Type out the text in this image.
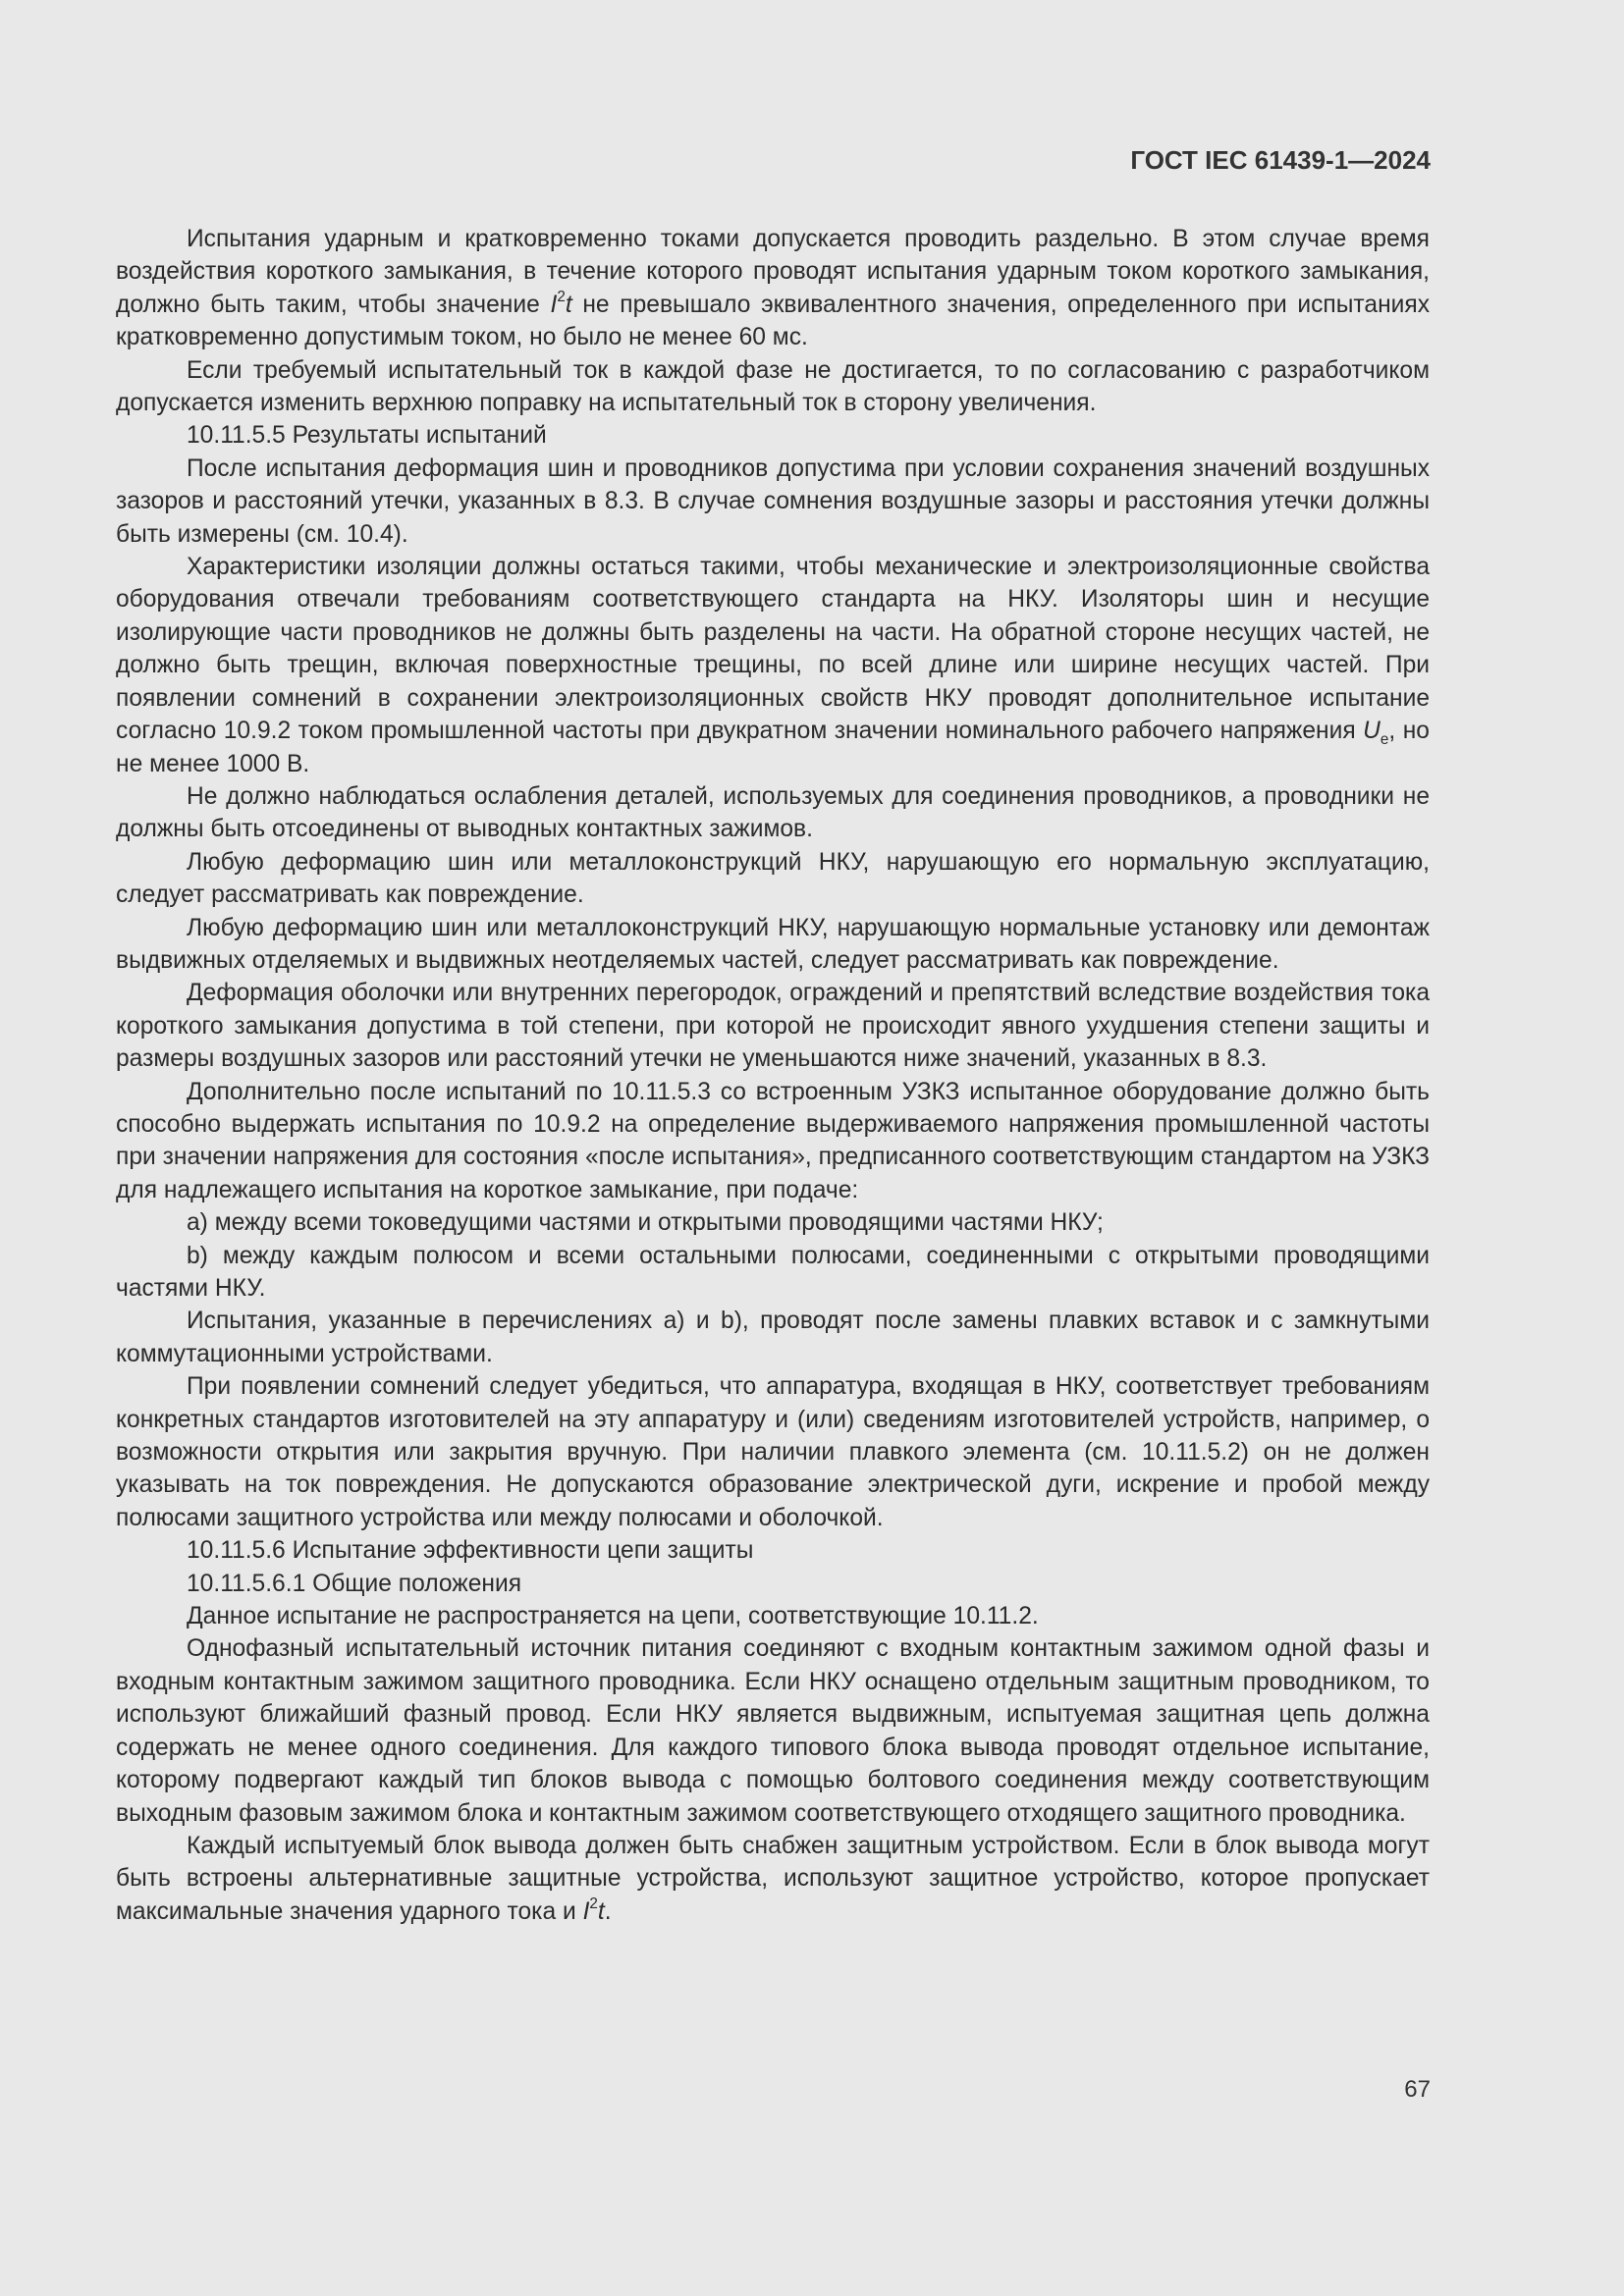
ГОСТ IEC 61439-1—2024

Испытания ударным и кратковременно токами допускается проводить раздельно. В этом случае время воздействия короткого замыкания, в течение которого проводят испытания ударным током короткого замыкания, должно быть таким, чтобы значение $I^2t$ не превышало эквивалентного значения, определенного при испытаниях кратковременно допустимым током, но было не менее 60 мс.

Если требуемый испытательный ток в каждой фазе не достигается, то по согласованию с разработчиком допускается изменить верхнюю поправку на испытательный ток в сторону увеличения.

10.11.5.5 Результаты испытаний

После испытания деформация шин и проводников допустима при условии сохранения значений воздушных зазоров и расстояний утечки, указанных в 8.3. В случае сомнения воздушные зазоры и расстояния утечки должны быть измерены (см. 10.4).

Характеристики изоляции должны остаться такими, чтобы механические и электроизоляционные свойства оборудования отвечали требованиям соответствующего стандарта на НКУ. Изоляторы шин и несущие изолирующие части проводников не должны быть разделены на части. На обратной стороне несущих частей, не должно быть трещин, включая поверхностные трещины, по всей длине или ширине несущих частей. При появлении сомнений в сохранении электроизоляционных свойств НКУ проводят дополнительное испытание согласно 10.9.2 током промышленной частоты при двукратном значении номинального рабочего напряжения $U_e$, но не менее 1000 В.

Не должно наблюдаться ослабления деталей, используемых для соединения проводников, а проводники не должны быть отсоединены от выводных контактных зажимов.

Любую деформацию шин или металлоконструкций НКУ, нарушающую его нормальную эксплуатацию, следует рассматривать как повреждение.

Любую деформацию шин или металлоконструкций НКУ, нарушающую нормальные установку или демонтаж выдвижных отделяемых и выдвижных неотделяемых частей, следует рассматривать как повреждение.

Деформация оболочки или внутренних перегородок, ограждений и препятствий вследствие воздействия тока короткого замыкания допустима в той степени, при которой не происходит явного ухудшения степени защиты и размеры воздушных зазоров или расстояний утечки не уменьшаются ниже значений, указанных в 8.3.

Дополнительно после испытаний по 10.11.5.3 со встроенным УЗКЗ испытанное оборудование должно быть способно выдержать испытания по 10.9.2 на определение выдерживаемого напряжения промышленной частоты при значении напряжения для состояния «после испытания», предписанного соответствующим стандартом на УЗКЗ для надлежащего испытания на короткое замыкание, при подаче:

a) между всеми токоведущими частями и открытыми проводящими частями НКУ;

b) между каждым полюсом и всеми остальными полюсами, соединенными с открытыми проводящими частями НКУ.

Испытания, указанные в перечислениях a) и b), проводят после замены плавких вставок и с замкнутыми коммутационными устройствами.

При появлении сомнений следует убедиться, что аппаратура, входящая в НКУ, соответствует требованиям конкретных стандартов изготовителей на эту аппаратуру и (или) сведениям изготовителей устройств, например, о возможности открытия или закрытия вручную. При наличии плавкого элемента (см. 10.11.5.2) он не должен указывать на ток повреждения. Не допускаются образование электрической дуги, искрение и пробой между полюсами защитного устройства или между полюсами и оболочкой.

10.11.5.6 Испытание эффективности цепи защиты

10.11.5.6.1 Общие положения

Данное испытание не распространяется на цепи, соответствующие 10.11.2.

Однофазный испытательный источник питания соединяют с входным контактным зажимом одной фазы и входным контактным зажимом защитного проводника. Если НКУ оснащено отдельным защитным проводником, то используют ближайший фазный провод. Если НКУ является выдвижным, испытуемая защитная цепь должна содержать не менее одного соединения. Для каждого типового блока вывода проводят отдельное испытание, которому подвергают каждый тип блоков вывода с помощью болтового соединения между соответствующим выходным фазовым зажимом блока и контактным зажимом соответствующего отходящего защитного проводника.

Каждый испытуемый блок вывода должен быть снабжен защитным устройством. Если в блок вывода могут быть встроены альтернативные защитные устройства, используют защитное устройство, которое пропускает максимальные значения ударного тока и $I^2t$.

67
